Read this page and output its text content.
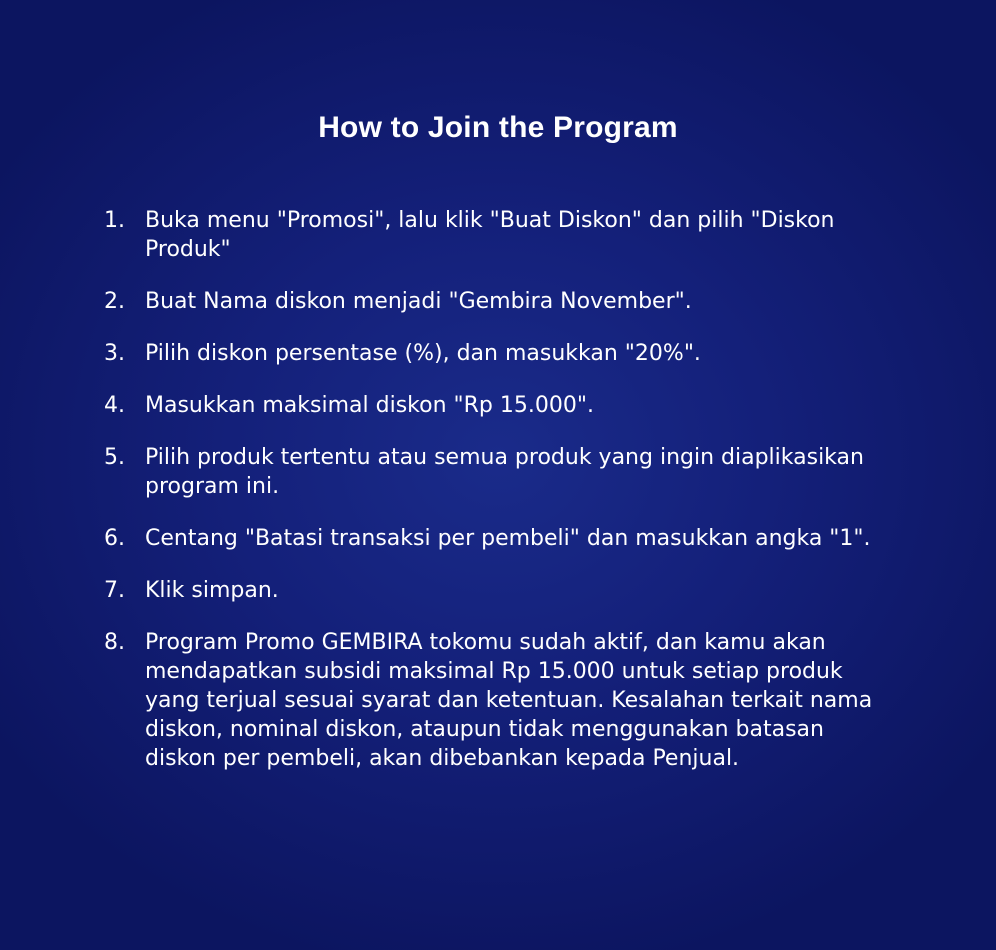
How to Join the Program
1. Buka menu "Promosi", lalu klik "Buat Diskon" dan pilih "Diskon Produk"
2. Buat Nama diskon menjadi "Gembira November".
3. Pilih diskon persentase (%), dan masukkan "20%".
4. Masukkan maksimal diskon "Rp 15.000".
5. Pilih produk tertentu atau semua produk yang ingin diaplikasikan program ini.
6. Centang "Batasi transaksi per pembeli" dan masukkan angka "1".
7. Klik simpan.
8. Program Promo GEMBIRA tokomu sudah aktif, dan kamu akan mendapatkan subsidi maksimal Rp 15.000 untuk setiap produk yang terjual sesuai syarat dan ketentuan. Kesalahan terkait nama diskon, nominal diskon, ataupun tidak menggunakan batasan diskon per pembeli, akan dibebankan kepada Penjual.
